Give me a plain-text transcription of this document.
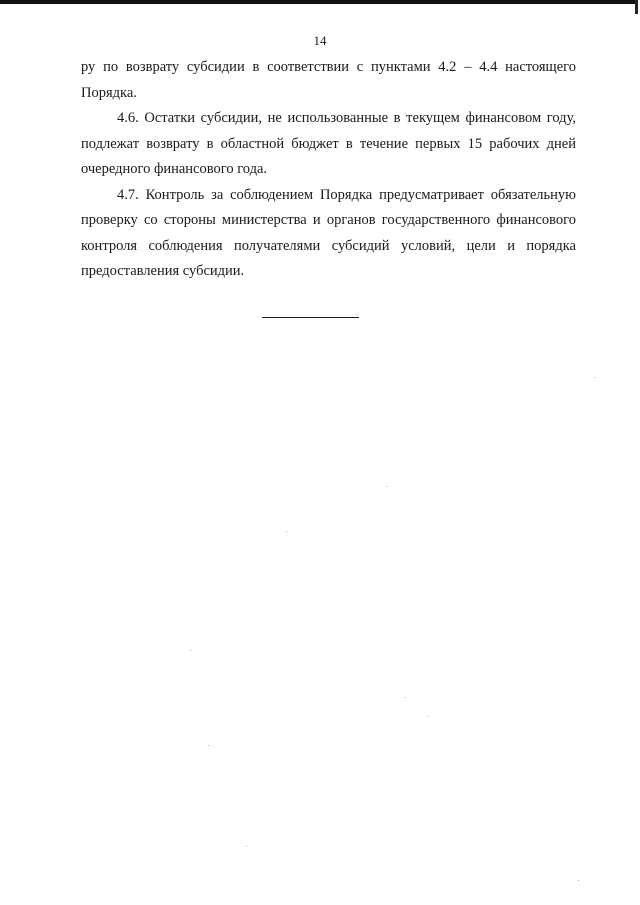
14

ру по возврату субсидии в соответствии с пунктами 4.2 – 4.4 настоящего Порядка.

4.6. Остатки субсидии, не использованные в текущем финансовом году, подлежат возврату в областной бюджет в течение первых 15 рабочих дней очередного финансового года.

4.7. Контроль за соблюдением Порядка предусматривает обязательную проверку со стороны министерства и органов государственного финансового контроля соблюдения получателями субсидий условий, цели и порядка предоставления субсидии.
